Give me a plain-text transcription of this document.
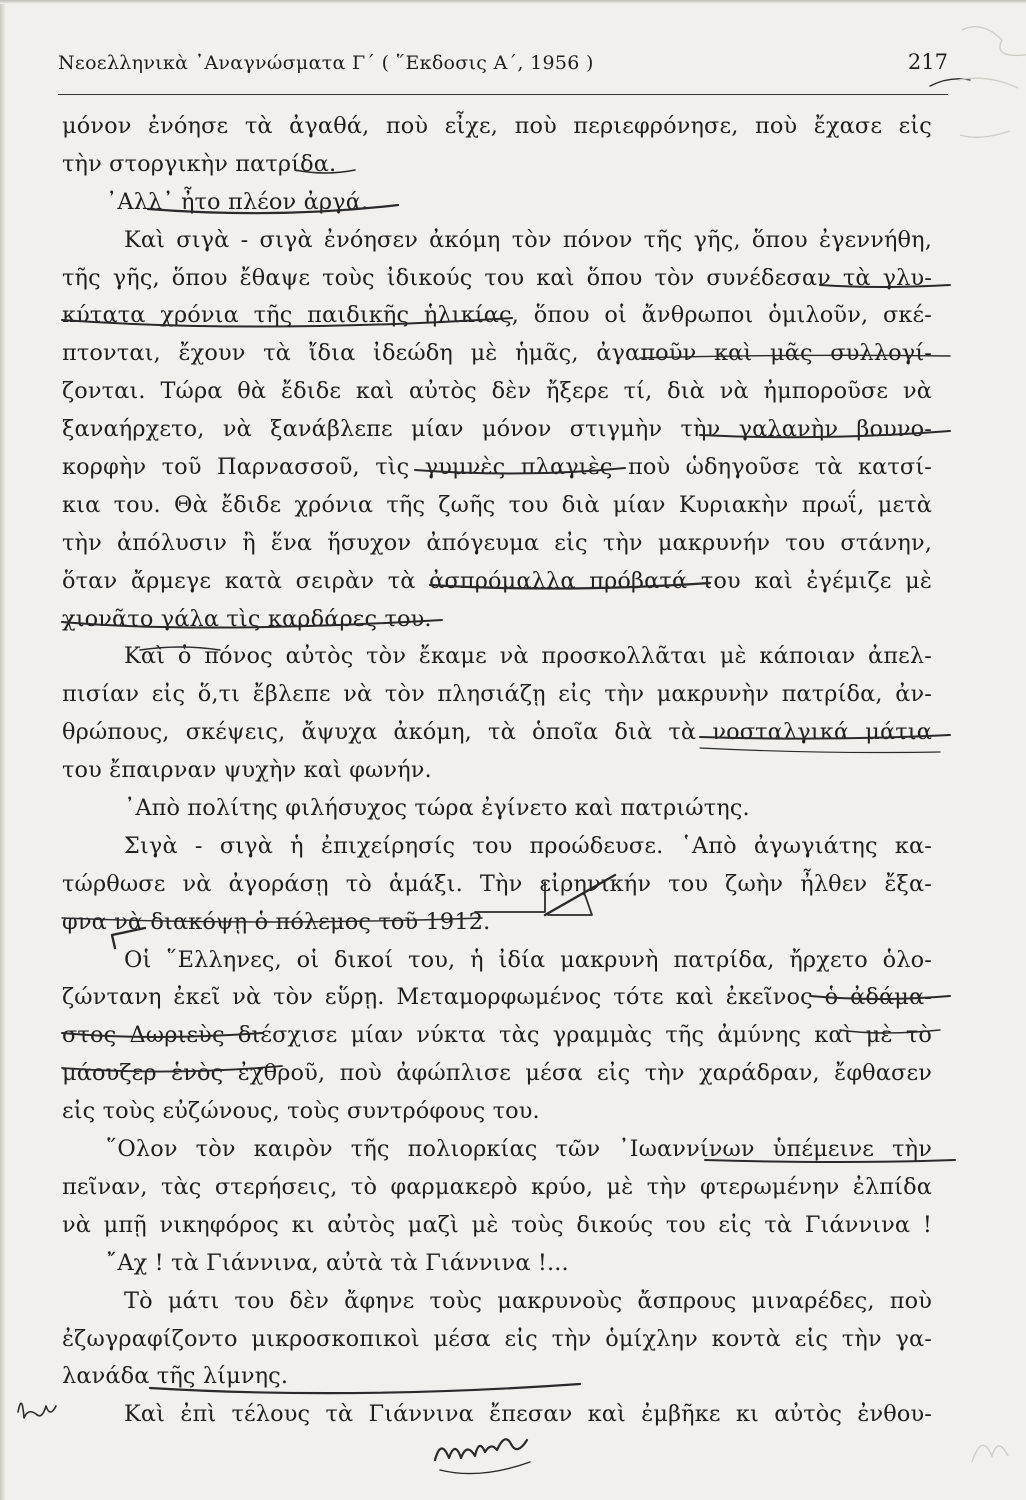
Νεοελληνικὰ ᾿Αναγνώσματα Γ΄ ( ῞Εκδοσις Α΄, 1956 )	217
μόνον ἐνόησε τὰ ἀγαθά, ποὺ εἶχε, ποὺ περιεφρόνησε, ποὺ ἔχασε εἰς
τὴν στοργικὴν πατρίδα.
᾿Αλλ᾿ ἦτο πλέον ἀργά.
Καὶ σιγὰ - σιγὰ ἐνόησεν ἀκόμη τὸν πόνον τῆς γῆς, ὅπου ἐγεννήθη,
τῆς γῆς, ὅπου ἔθαψε τοὺς ἰδικούς του καὶ ὅπου τὸν συνέδεσαν τὰ γλυ-
κύτατα χρόνια τῆς παιδικῆς ἡλικίας, ὅπου οἱ ἄνθρωποι ὁμιλοῦν, σκέ-
πτονται, ἔχουν τὰ ἴδια ἰδεώδη μὲ ἡμᾶς, ἀγαποῦν καὶ μᾶς συλλογί-
ζονται. Τώρα θὰ ἔδιδε καὶ αὐτὸς δὲν ἤξερε τί, διὰ νὰ ἠμποροῦσε νὰ
ξαναήρχετο, νὰ ξανάβλεπε μίαν μόνον στιγμὴν τὴν γαλανὴν βουνο-
κορφὴν τοῦ Παρνασσοῦ, τὶς γυμνὲς πλαγιὲς ποὺ ὡδηγοῦσε τὰ κατσί-
κια του. Θὰ ἔδιδε χρόνια τῆς ζωῆς του διὰ μίαν Κυριακὴν πρωΐ, μετὰ
τὴν ἀπόλυσιν ἢ ἕνα ἥσυχον ἀπόγευμα εἰς τὴν μακρυνήν του στάνην,
ὅταν ἄρμεγε κατὰ σειρὰν τὰ ἀσπρόμαλλα πρόβατά του καὶ ἐγέμιζε μὲ
χιονᾶτο γάλα τὶς καρδάρες του.
Καὶ ὁ πόνος αὐτὸς τὸν ἔκαμε νὰ προσκολλᾶται μὲ κάποιαν ἀπελ-
πισίαν εἰς ὅ,τι ἔβλεπε νὰ τὸν πλησιάζῃ εἰς τὴν μακρυνὴν πατρίδα, ἀν-
θρώπους, σκέψεις, ἄψυχα ἀκόμη, τὰ ὁποῖα διὰ τὰ νοσταλγικά μάτια
του ἔπαιρναν ψυχὴν καὶ φωνήν.
᾿Απὸ πολίτης φιλήσυχος τώρα ἐγίνετο καὶ πατριώτης.
Σιγὰ - σιγὰ ἡ ἐπιχείρησίς του προώδευσε. ῾Απὸ ἀγωγιάτης κα-
τώρθωσε νὰ ἀγοράσῃ τὸ ἁμάξι. Τὴν εἰρηνικήν του ζωὴν ἦλθεν ἔξα-
φνα νὰ διακόψῃ ὁ πόλεμος τοῦ 1912.
Οἱ ῞Ελληνες, οἱ δικοί του, ἡ ἰδία μακρυνὴ πατρίδα, ἤρχετο ὁλο-
ζώντανη ἐκεῖ νὰ τὸν εὕρῃ. Μεταμορφωμένος τότε καὶ ἐκεῖνος ὁ ἀδάμα-
στος Δωριεὺς διέσχισε μίαν νύκτα τὰς γραμμὰς τῆς ἀμύνης καὶ μὲ τὸ
μάουζερ ἑνὸς ἐχθροῦ, ποὺ ἀφώπλισε μέσα εἰς τὴν χαράδραν, ἔφθασεν
εἰς τοὺς εὐζώνους, τοὺς συντρόφους του.
῞Ολον τὸν καιρὸν τῆς πολιορκίας τῶν ᾿Ιωαννίνων ὑπέμεινε τὴν
πεῖναν, τὰς στερήσεις, τὸ φαρμακερὸ κρύο, μὲ τὴν φτερωμένην ἐλπίδα
νὰ μπῇ νικηφόρος κι αὐτὸς μαζὶ μὲ τοὺς δικούς του εἰς τὰ Γιάννινα !
῎Αχ ! τὰ Γιάννινα, αὐτὰ τὰ Γιάννινα !...
Τὸ μάτι του δὲν ἄφηνε τοὺς μακρυνοὺς ἄσπρους μιναρέδες, ποὺ
ἐζωγραφίζοντο μικροσκοπικοὶ μέσα εἰς τὴν ὁμίχλην κοντὰ εἰς τὴν γα-
λανάδα τῆς λίμνης.
Καὶ ἐπὶ τέλους τὰ Γιάννινα ἔπεσαν καὶ ἐμβῆκε κι αὐτὸς ἐνθου-
